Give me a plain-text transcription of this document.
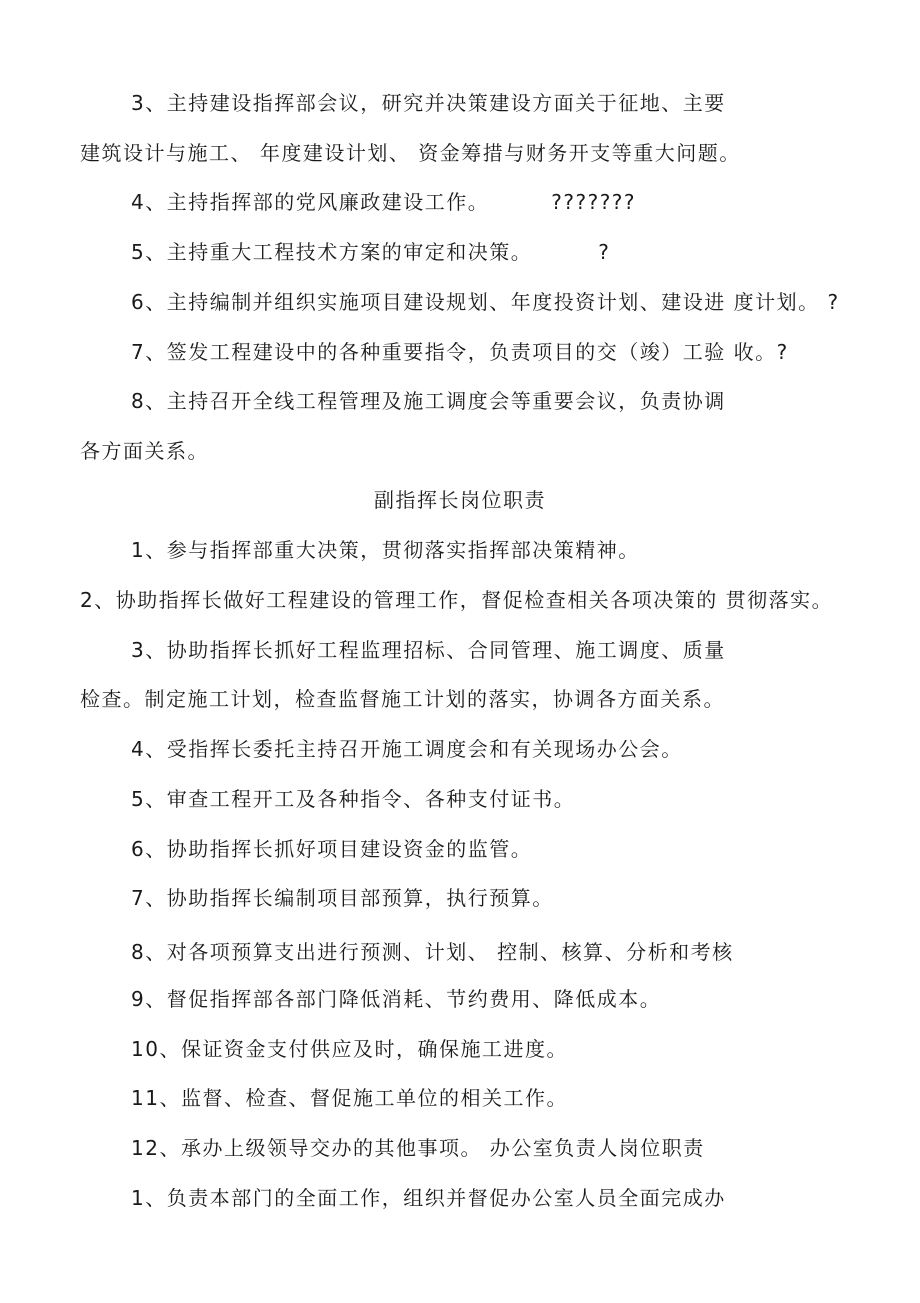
3、主持建设指挥部会议，研究并决策建设方面关于征地、主要
建筑设计与施工、 年度建设计划、 资金筹措与财务开支等重大问题。
4、主持指挥部的党风廉政建设工作。	???????
5、主持重大工程技术方案的审定和决策。	?
6、主持编制并组织实施项目建设规划、年度投资计划、建设进 度计划。 ?
7、签发工程建设中的各种重要指令，负责项目的交（竣）工验 收。?
8、主持召开全线工程管理及施工调度会等重要会议，负责协调
各方面关系。
副指挥长岗位职责
1、参与指挥部重大决策，贯彻落实指挥部决策精神。
2、协助指挥长做好工程建设的管理工作，督促检查相关各项决策的 贯彻落实。
3、协助指挥长抓好工程监理招标、合同管理、施工调度、质量
检查。制定施工计划，检查监督施工计划的落实，协调各方面关系。
4、受指挥长委托主持召开施工调度会和有关现场办公会。
5、审查工程开工及各种指令、各种支付证书。
6、协助指挥长抓好项目建设资金的监管。
7、协助指挥长编制项目部预算，执行预算。
8、对各项预算支出进行预测、计划、 控制、核算、分析和考核
9、督促指挥部各部门降低消耗、节约费用、降低成本。
10、保证资金支付供应及时，确保施工进度。
11、监督、检查、督促施工单位的相关工作。
12、承办上级领导交办的其他事项。 办公室负责人岗位职责
1、负责本部门的全面工作，组织并督促办公室人员全面完成办
